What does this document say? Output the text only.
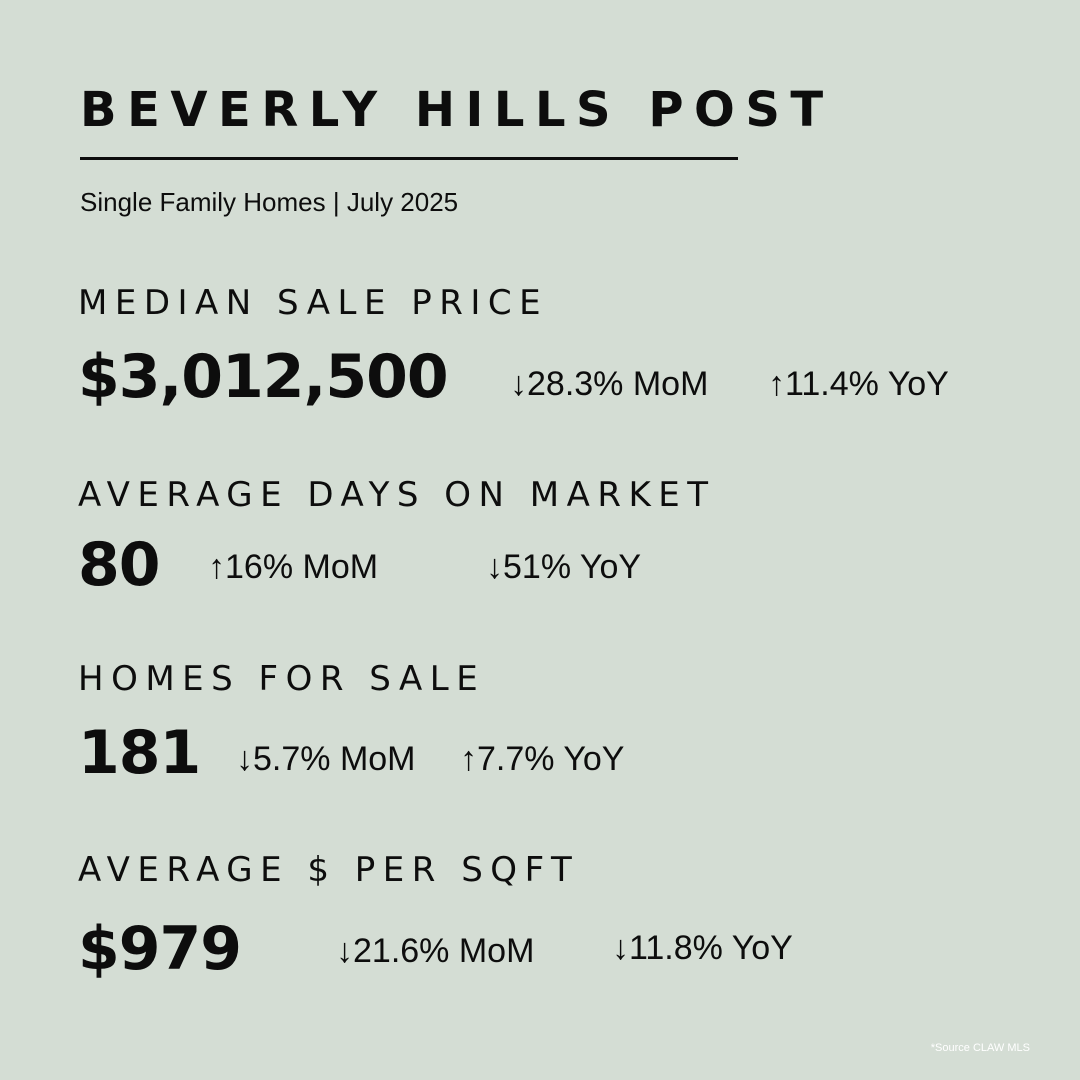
BEVERLY HILLS POST
Single Family Homes | July 2025
MEDIAN SALE PRICE
$3,012,500 ↓28.3% MoM ↑11.4% YoY
AVERAGE DAYS ON MARKET
80 ↑16% MoM	↓51% YoY
HOMES FOR SALE
181 ↓5.7% MoM ↑7.7% YoY
AVERAGE $ PER SQFT
$979	↓21.6% MoM ↓11.8% YoY
*Source CLAW MLS
